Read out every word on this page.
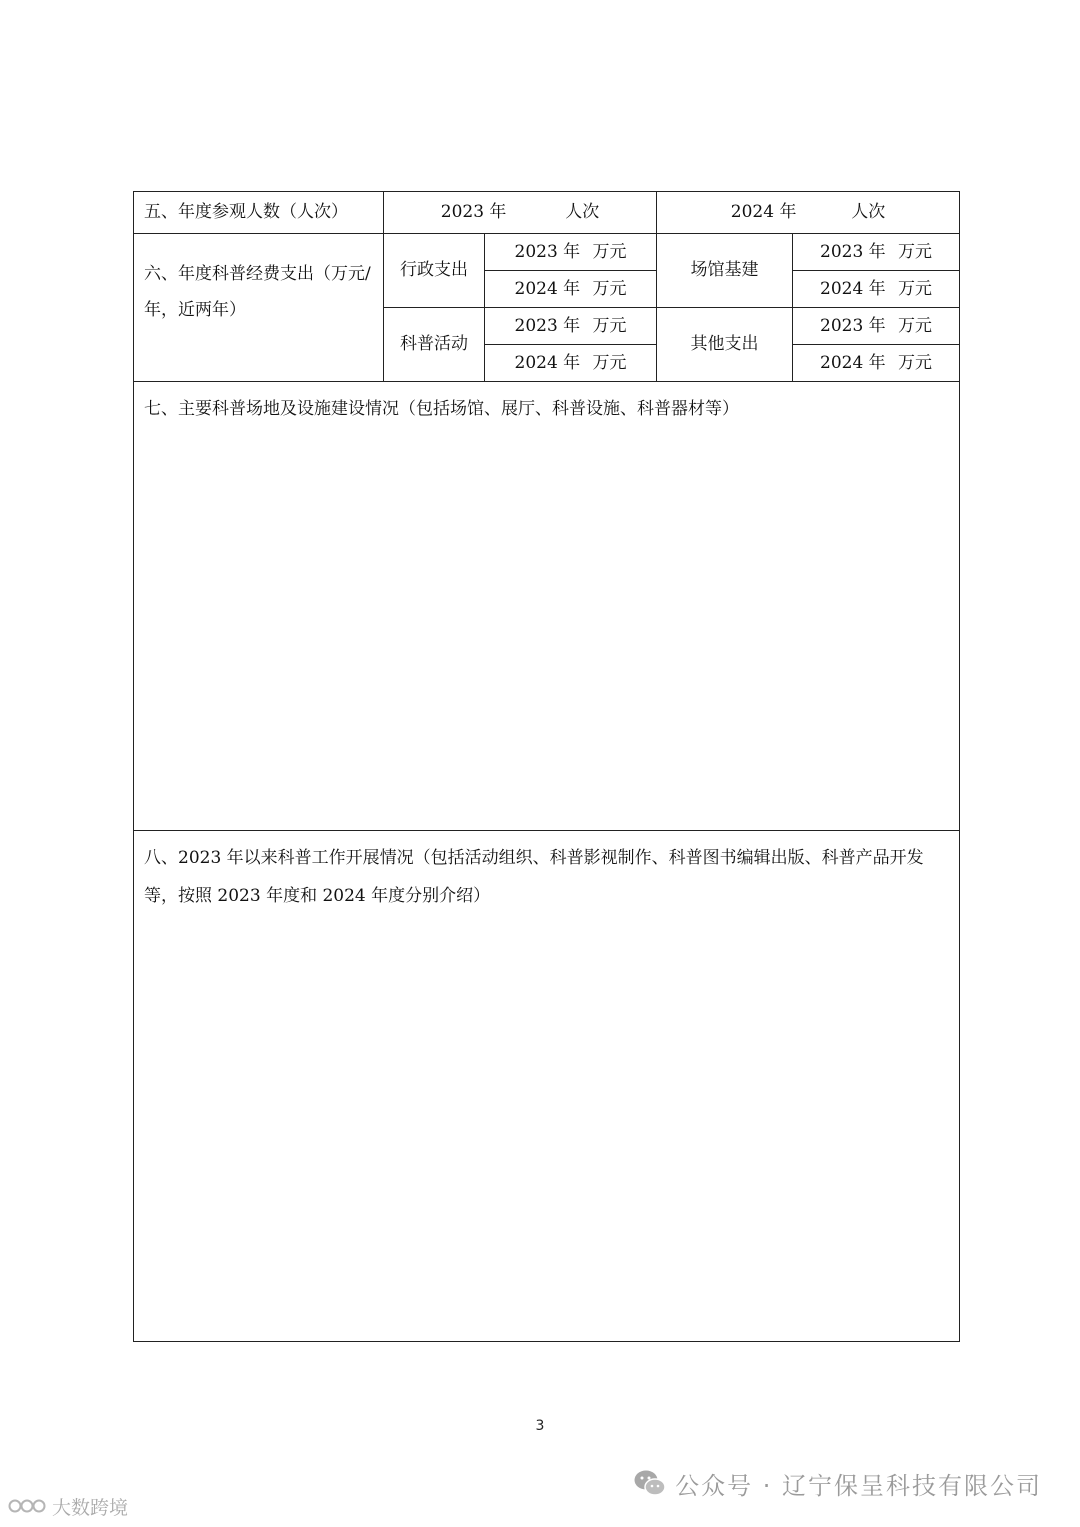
五、年度参观人数（人次）	2023 年 人次		2024 年 人次	
六、年度科普经费支出（万元/年，近两年）	行政支出	2023 年 万元	场馆基建	2023 年 万元
		2024 年 万元		2024 年 万元
	科普活动	2023 年 万元	其他支出	2023 年 万元
		2024 年 万元		2024 年 万元
七、主要科普场地及设施建设情况（包括场馆、展厅、科普设施、科普器材等）				
八、2023 年以来科普工作开展情况（包括活动组织、科普影视制作、科普图书编辑出版、科普产品开发等，按照 2023 年度和 2024 年度分别介绍）				
3
公众号 · 辽宁保呈科技有限公司
大数跨境
